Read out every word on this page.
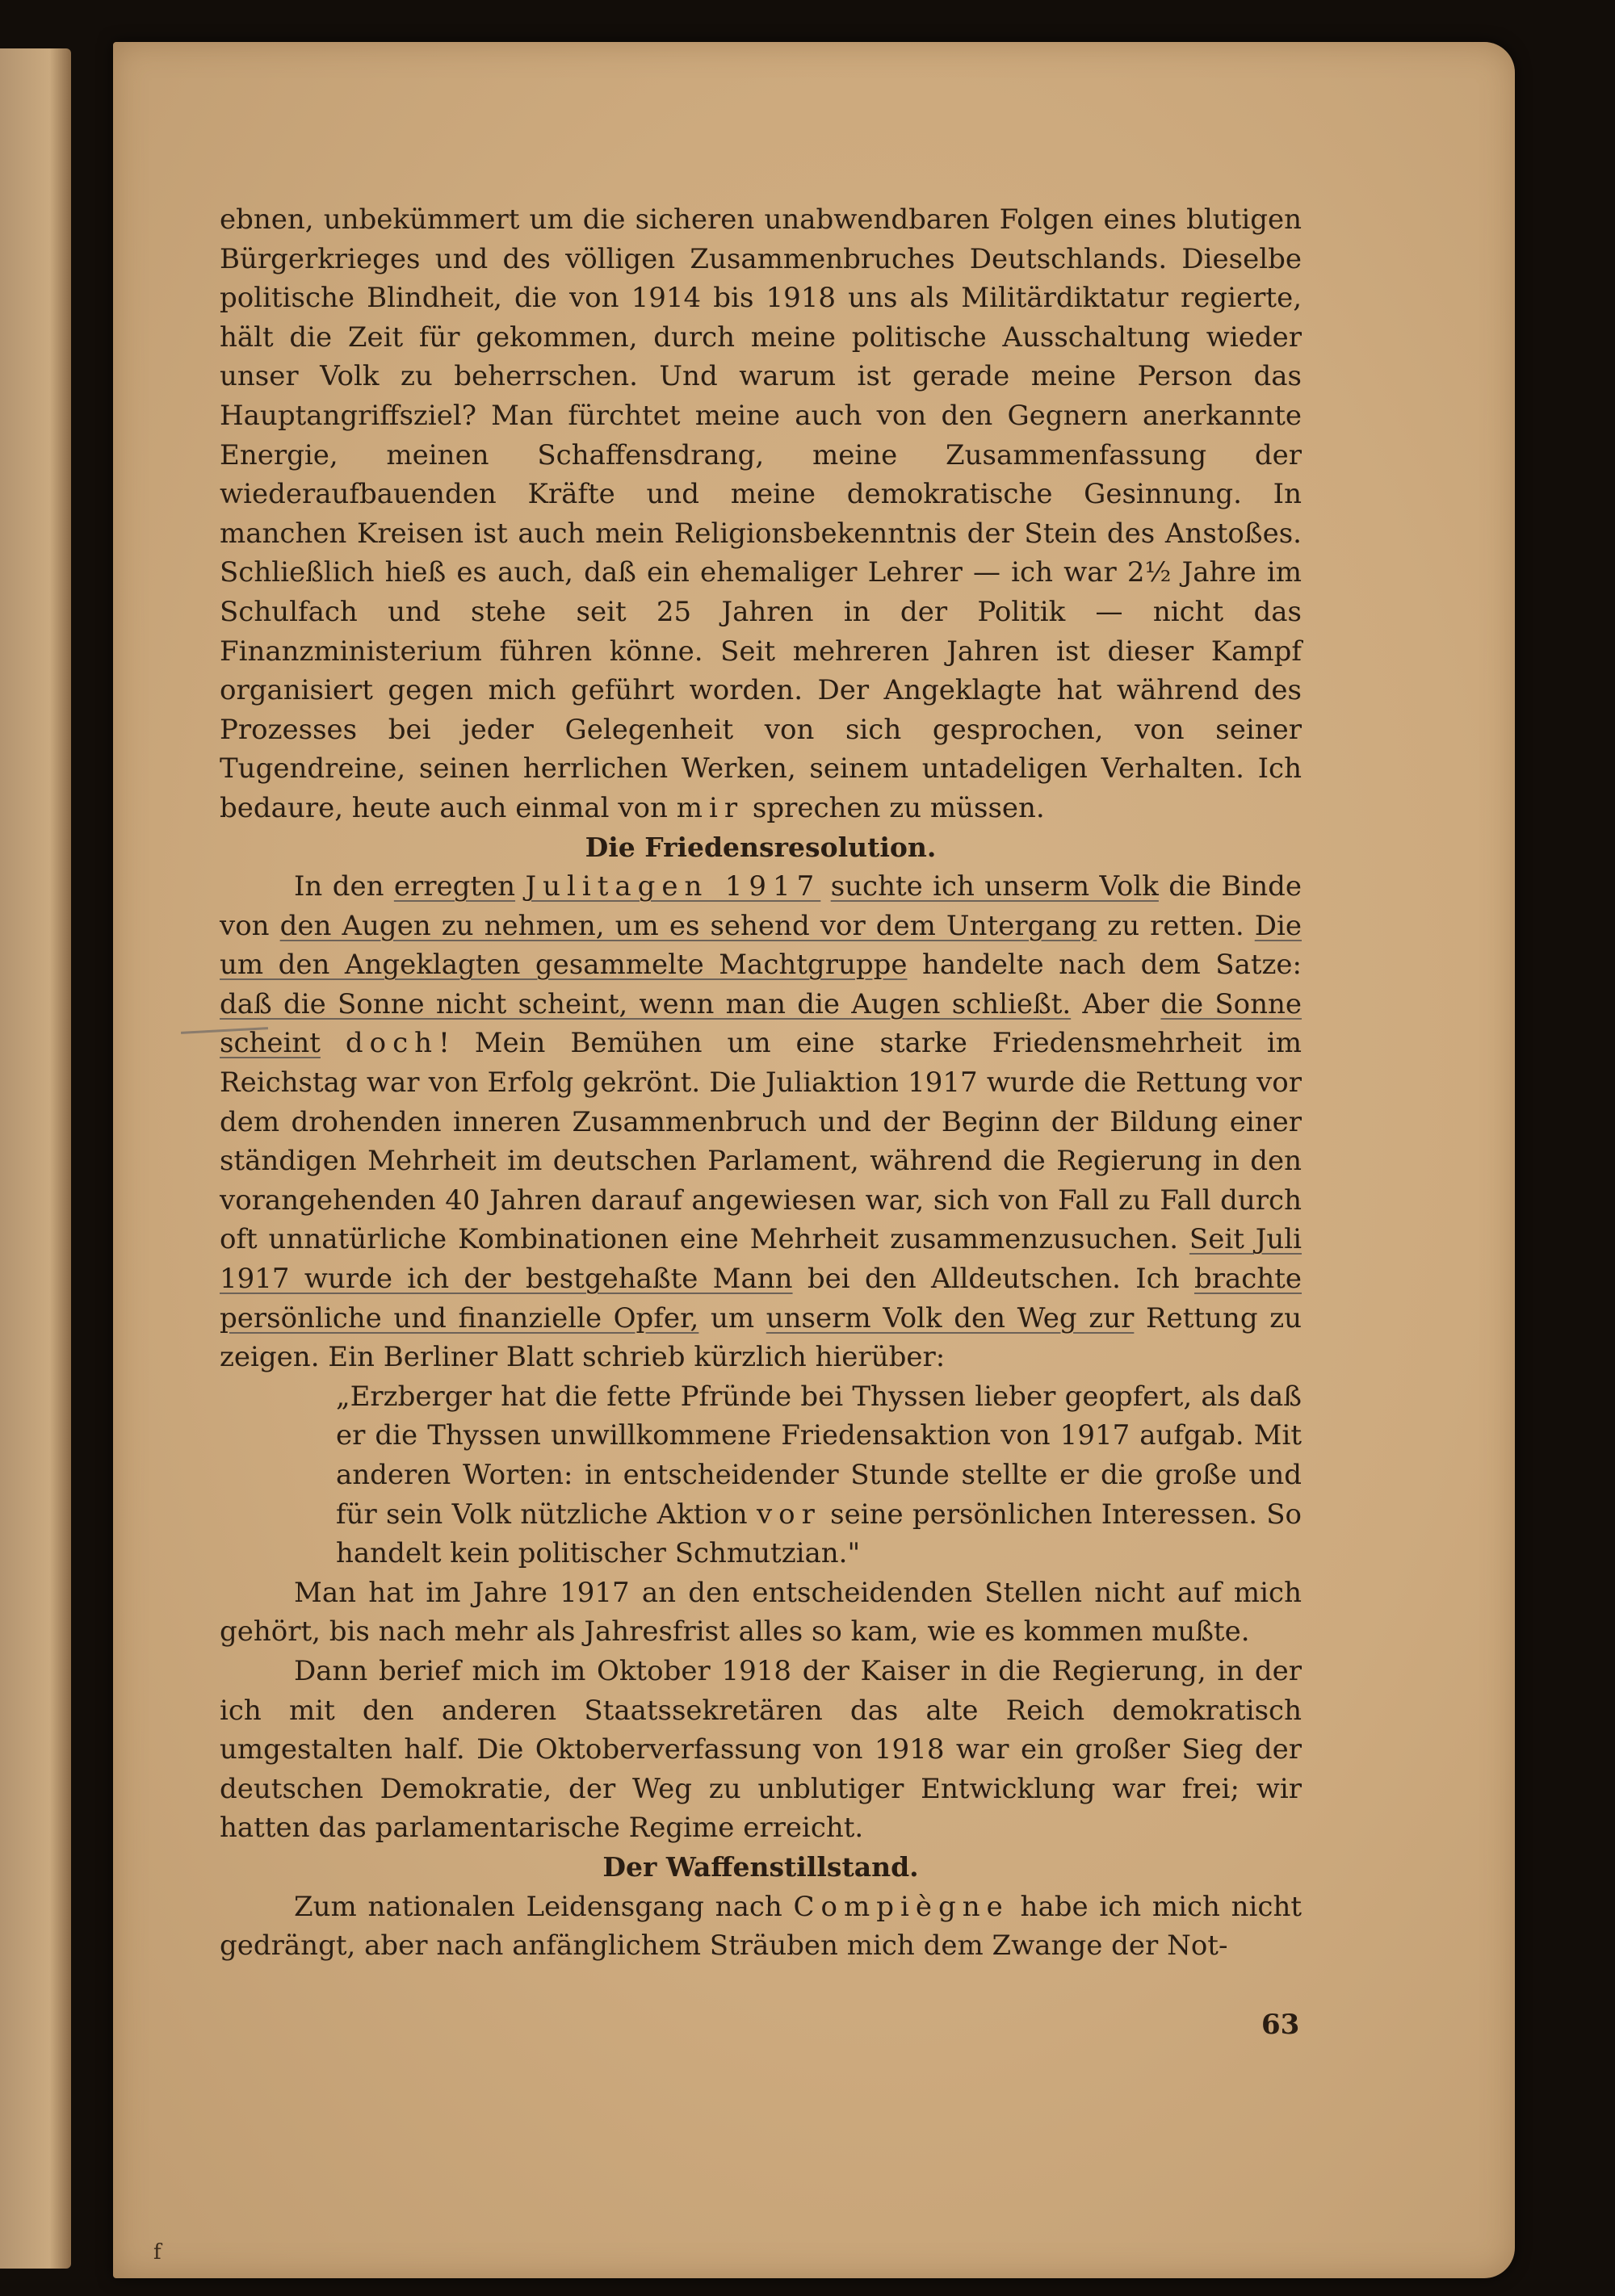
ebnen, unbekümmert um die sicheren unabwendbaren Folgen eines blutigen Bürgerkrieges und des völligen Zusammenbruches Deutschlands. Dieselbe politische Blindheit, die von 1914 bis 1918 uns als Militärdiktatur regierte, hält die Zeit für gekommen, durch meine politische Ausschaltung wieder unser Volk zu beherrschen. Und warum ist gerade meine Person das Hauptangriffsziel? Man fürchtet meine auch von den Gegnern anerkannte Energie, meinen Schaffensdrang, meine Zusammenfassung der wiederaufbauenden Kräfte und meine demokratische Gesinnung. In manchen Kreisen ist auch mein Religionsbekenntnis der Stein des Anstoßes. Schließlich hieß es auch, daß ein ehemaliger Lehrer — ich war 2½ Jahre im Schulfach und stehe seit 25 Jahren in der Politik — nicht das Finanzministerium führen könne. Seit mehreren Jahren ist dieser Kampf organisiert gegen mich geführt worden. Der Angeklagte hat während des Prozesses bei jeder Gelegenheit von sich gesprochen, von seiner Tugendreine, seinen herrlichen Werken, seinem untadeligen Verhalten. Ich bedaure, heute auch einmal von mir sprechen zu müssen.

Die Friedensresolution.

In den erregten Julitagen 1917 suchte ich unserm Volk die Binde von den Augen zu nehmen, um es sehend vor dem Untergang zu retten. Die um den Angeklagten gesammelte Machtgruppe handelte nach dem Satze: daß die Sonne nicht scheint, wenn man die Augen schließt. Aber die Sonne scheint doch! Mein Bemühen um eine starke Friedensmehrheit im Reichstag war von Erfolg gekrönt. Die Juliaktion 1917 wurde die Rettung vor dem drohenden inneren Zusammenbruch und der Beginn der Bildung einer ständigen Mehrheit im deutschen Parlament, während die Regierung in den vorangehenden 40 Jahren darauf angewiesen war, sich von Fall zu Fall durch oft unnatürliche Kombinationen eine Mehrheit zusammenzusuchen. Seit Juli 1917 wurde ich der bestgehaßte Mann bei den Alldeutschen. Ich brachte persönliche und finanzielle Opfer, um unserm Volk den Weg zur Rettung zu zeigen. Ein Berliner Blatt schrieb kürzlich hierüber:

„Erzberger hat die fette Pfründe bei Thyssen lieber geopfert, als daß er die Thyssen unwillkommene Friedensaktion von 1917 aufgab. Mit anderen Worten: in entscheidender Stunde stellte er die große und für sein Volk nützliche Aktion vor seine persönlichen Interessen. So handelt kein politischer Schmutzian."

Man hat im Jahre 1917 an den entscheidenden Stellen nicht auf mich gehört, bis nach mehr als Jahresfrist alles so kam, wie es kommen mußte.

Dann berief mich im Oktober 1918 der Kaiser in die Regierung, in der ich mit den anderen Staatssekretären das alte Reich demokratisch umgestalten half. Die Oktoberverfassung von 1918 war ein großer Sieg der deutschen Demokratie, der Weg zu unblutiger Entwicklung war frei; wir hatten das parlamentarische Regime erreicht.

Der Waffenstillstand.

Zum nationalen Leidensgang nach Compiègne habe ich mich nicht gedrängt, aber nach anfänglichem Sträuben mich dem Zwange der Not-

63
f
